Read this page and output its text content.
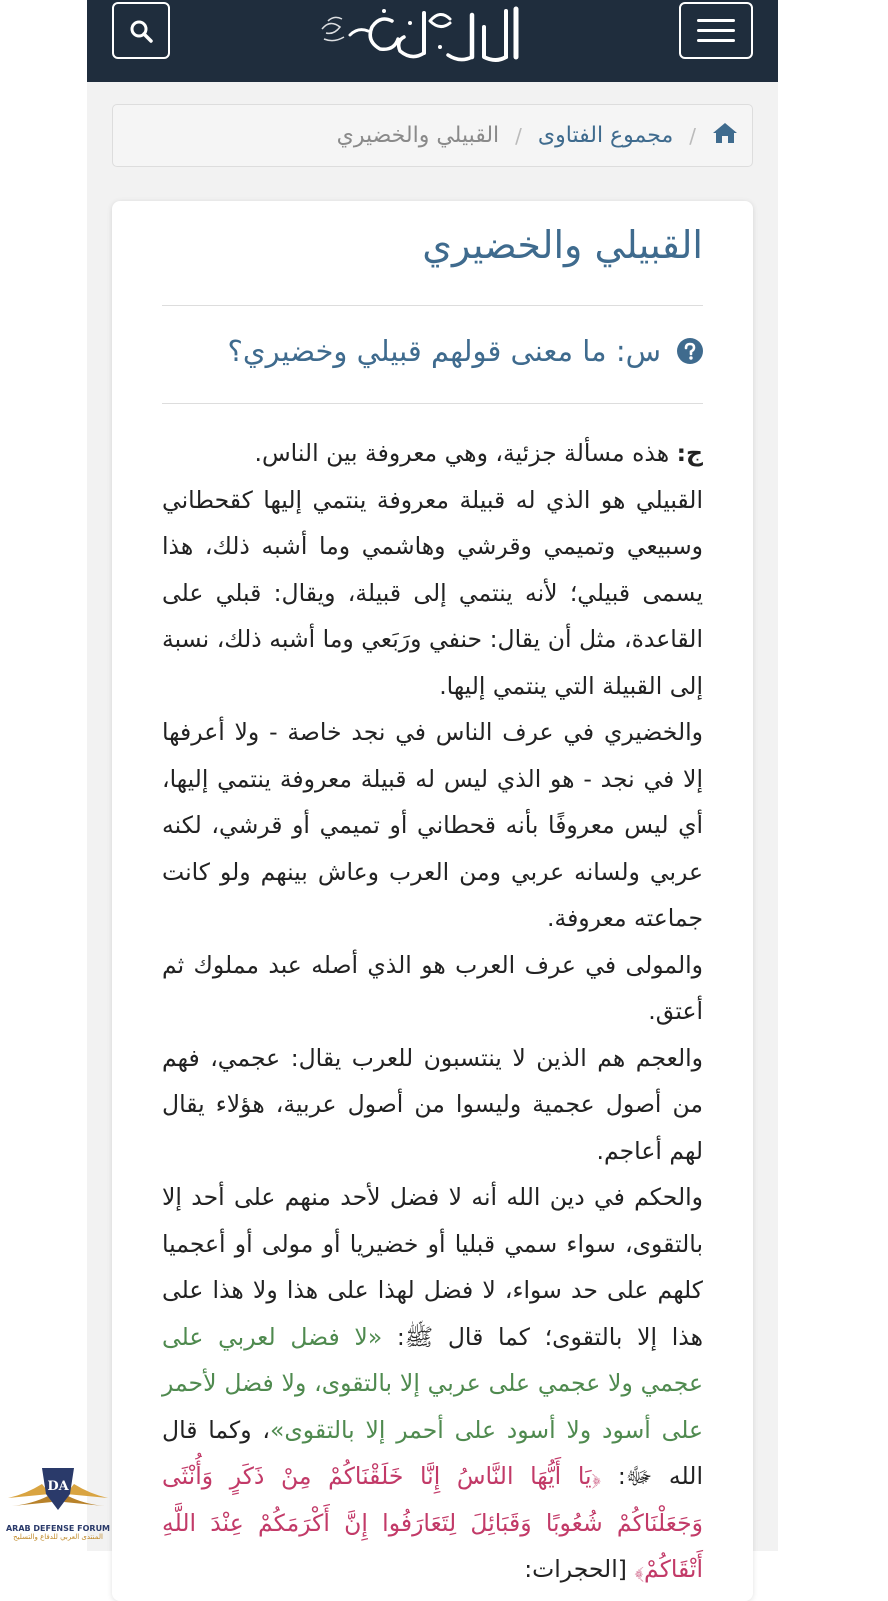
/
مجموع الفتاوى
/
القبيلي والخضيري
القبيلي والخضيري
س: ما معنى قولهم قبيلي وخضيري؟

ج: هذه مسألة جزئية، وهي معروفة بين الناس.

القبيلي هو الذي له قبيلة معروفة ينتمي إليها كقحطاني وسبيعي وتميمي وقرشي وهاشمي وما أشبه ذلك، هذا يسمى قبيلي؛ لأنه ينتمي إلى قبيلة، ويقال: قبلي على القاعدة، مثل أن يقال: حنفي ورَبَعي وما أشبه ذلك، نسبة إلى القبيلة التي ينتمي إليها.

والخضيري في عرف الناس في نجد خاصة - ولا أعرفها إلا في نجد - هو الذي ليس له قبيلة معروفة ينتمي إليها، أي ليس معروفًا بأنه قحطاني أو تميمي أو قرشي، لكنه عربي ولسانه عربي ومن العرب وعاش بينهم ولو كانت جماعته معروفة.

والمولى في عرف العرب هو الذي أصله عبد مملوك ثم أعتق.

والعجم هم الذين لا ينتسبون للعرب يقال: عجمي، فهم من أصول عجمية وليسوا من أصول عربية، هؤلاء يقال لهم أعاجم.

والحكم في دين الله أنه لا فضل لأحد منهم على أحد إلا بالتقوى، سواء سمي قبليا أو خضيريا أو مولى أو أعجميا كلهم على حد سواء، لا فضل لهذا على هذا ولا هذا على هذا إلا بالتقوى؛ كما قال ﷺ: «لا فضل لعربي على عجمي ولا عجمي على عربي إلا بالتقوى، ولا فضل لأحمر على أسود ولا أسود على أحمر إلا بالتقوى»، وكما قال الله ﷻ: ﴿يَا أَيُّهَا النَّاسُ إِنَّا خَلَقْنَاكُمْ مِنْ ذَكَرٍ وَأُنْثَى وَجَعَلْنَاكُمْ شُعُوبًا وَقَبَائِلَ لِتَعَارَفُوا إِنَّ أَكْرَمَكُمْ عِنْدَ اللَّهِ أَتْقَاكُمْ﴾ [الحجرات:

DA
ARAB DEFENSE FORUM
المنتدى العربي للدفاع والتسليح
